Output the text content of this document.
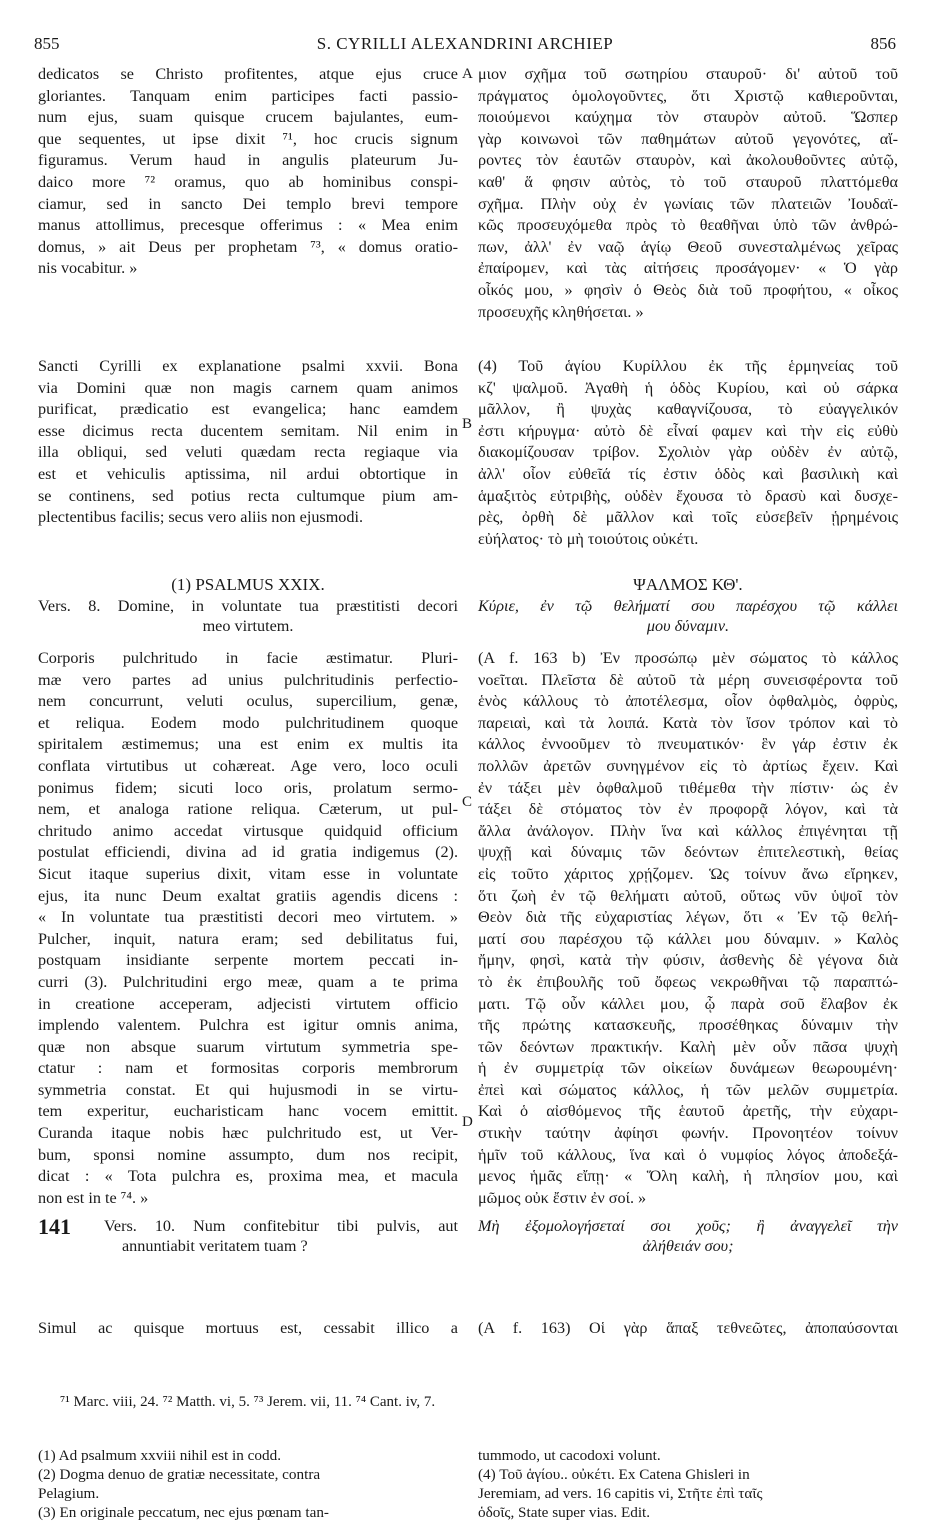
855	S. CYRILLI ALEXANDRINI ARCHIEP	856
A
B
C
D
dedicatos se Christo profitentes, atque ejus cruce
gloriantes. Tanquam enim participes facti passio-
num ejus, suam quisque crucem bajulantes, eum-
que sequentes, ut ipse dixit ⁷¹, hoc crucis signum
figuramus. Verum haud in angulis plateurum Ju-
daico more ⁷² oramus, quo ab hominibus conspi-
ciamur, sed in sancto Dei templo brevi tempore
manus attollimus, precesque offerimus : « Mea enim
domus, » ait Deus per prophetam ⁷³, « domus oratio-
nis vocabitur. »
Sancti Cyrilli ex explanatione psalmi xxvii. Bona
via Domini quæ non magis carnem quam animos
purificat, prædicatio est evangelica; hanc eamdem
esse dicimus recta ducentem semitam. Nil enim in
illa obliqui, sed veluti quædam recta regiaque via
est et vehiculis aptissima, nil ardui obtortique in
se continens, sed potius recta cultumque pium am-
plectentibus facilis; secus vero aliis non ejusmodi.
(1) PSALMUS XXIX.
Vers. 8. Domine, in voluntate tua præstitisti decori
meo virtutem.
Corporis pulchritudo in facie æstimatur. Pluri-
mæ vero partes ad unius pulchritudinis perfectio-
nem concurrunt, veluti oculus, supercilium, genæ,
et reliqua. Eodem modo pulchritudinem quoque
spiritalem æstimemus; una est enim ex multis ita
conflata virtutibus ut cohæreat. Age vero, loco oculi
ponimus fidem; sicuti loco oris, prolatum sermo-
nem, et analoga ratione reliqua. Cæterum, ut pul-
chritudo animo accedat virtusque quidquid officium
postulat efficiendi, divina ad id gratia indigemus (2).
Sicut itaque superius dixit, vitam esse in voluntate
ejus, ita nunc Deum exaltat gratiis agendis dicens :
« In voluntate tua præstitisti decori meo virtutem. »
Pulcher, inquit, natura eram; sed debilitatus fui,
postquam insidiante serpente mortem peccati in-
curri (3). Pulchritudini ergo meæ, quam a te prima
in creatione acceperam, adjecisti virtutem officio
implendo valentem. Pulchra est igitur omnis anima,
quæ non absque suarum virtutum symmetria spe-
ctatur : nam et formositas corporis membrorum
symmetria constat. Et qui hujusmodi in se virtu-
tem experitur, eucharisticam hanc vocem emittit.
Curanda itaque nobis hæc pulchritudo est, ut Ver-
bum, sponsi nomine assumpto, dum nos recipit,
dicat : « Tota pulchra es, proxima mea, et macula
non est in te ⁷⁴. »
141 Vers. 10. Num confitebitur tibi pulvis, aut
annuntiabit veritatem tuam ?
Simul ac quisque mortuus est, cessabit illico a
μιον σχῆμα τοῦ σωτηρίου σταυροῦ· δι' αὐτοῦ τοῦ
πράγματος ὁμολογοῦντες, ὅτι Χριστῷ καθιεροῦνται,
ποιούμενοι καύχημα τὸν σταυρὸν αὐτοῦ. Ὥσπερ
γὰρ κοινωνοὶ τῶν παθημάτων αὐτοῦ γεγονότες, αἴ-
ροντες τὸν ἑαυτῶν σταυρὸν, καὶ ἀκολουθοῦντες αὐτῷ,
καθ' ἅ φησιν αὐτὸς, τὸ τοῦ σταυροῦ πλαττόμεθα
σχῆμα. Πλὴν οὐχ ἐν γωνίαις τῶν πλατειῶν Ἰουδαϊ-
κῶς προσευχόμεθα πρὸς τὸ θεαθῆναι ὑπὸ τῶν ἀνθρώ-
πων, ἀλλ' ἐν ναῷ ἁγίῳ Θεοῦ συνεσταλμένως χεῖρας
ἐπαίρομεν, καὶ τὰς αἰτήσεις προσάγομεν· « Ὁ γὰρ
οἶκός μου, » φησὶν ὁ Θεὸς διὰ τοῦ προφήτου, « οἶκος
προσευχῆς κληθήσεται. »
(4) Τοῦ ἁγίου Κυρίλλου ἐκ τῆς ἑρμηνείας τοῦ
κζ' ψαλμοῦ. Ἀγαθὴ ἡ ὁδὸς Κυρίου, καὶ οὐ σάρκα
μᾶλλον, ἢ ψυχὰς καθαγνίζουσα, τὸ εὐαγγελικόν
ἐστι κήρυγμα· αὐτὸ δὲ εἶναί φαμεν καὶ τὴν εἰς εὐθὺ
διακομίζουσαν τρίβον. Σχολιὸν γὰρ οὐδὲν ἐν αὐτῷ,
ἀλλ' οἷον εὐθεῖά τίς ἐστιν ὁδὸς καὶ βασιλικὴ καὶ
ἁμαξιτὸς εὐτριβὴς, οὐδὲν ἔχουσα τὸ δρασὺ καὶ δυσχε-
ρὲς, ὀρθὴ δὲ μᾶλλον καὶ τοῖς εὐσεβεῖν ᾑρημένοις
εὐήλατος· τὸ μὴ τοιούτοις οὐκέτι.
ΨΑΛΜΟΣ ΚΘ'.
Κύριε, ἐν τῷ θελήματί σου παρέσχου τῷ κάλλει
μου δύναμιν.
(A f. 163 b) Ἐν προσώπῳ μὲν σώματος τὸ κάλλος
νοεῖται. Πλεῖστα δὲ αὐτοῦ τὰ μέρη συνεισφέροντα τοῦ
ἑνὸς κάλλους τὸ ἀποτέλεσμα, οἷον ὀφθαλμὸς, ὀφρὺς,
παρειαὶ, καὶ τὰ λοιπά. Κατὰ τὸν ἴσον τρόπον καὶ τὸ
κάλλος ἐννοοῦμεν τὸ πνευματικόν· ἓν γάρ ἐστιν ἐκ
πολλῶν ἀρετῶν συνηγμένον εἰς τὸ ἀρτίως ἔχειν. Καὶ
ἐν τάξει μὲν ὀφθαλμοῦ τιθέμεθα τὴν πίστιν· ὡς ἐν
τάξει δὲ στόματος τὸν ἐν προφορᾷ λόγον, καὶ τὰ
ἄλλα ἀνάλογον. Πλὴν ἵνα καὶ κάλλος ἐπιγένηται τῇ
ψυχῇ καὶ δύναμις τῶν δεόντων ἐπιτελεστικὴ, θείας
εἰς τοῦτο χάριτος χρῄζομεν. Ὡς τοίνυν ἄνω εἴρηκεν,
ὅτι ζωὴ ἐν τῷ θελήματι αὐτοῦ, οὕτως νῦν ὑψοῖ τὸν
Θεὸν διὰ τῆς εὐχαριστίας λέγων, ὅτι « Ἐν τῷ θελή-
ματί σου παρέσχου τῷ κάλλει μου δύναμιν. » Καλὸς
ἤμην, φησὶ, κατὰ τὴν φύσιν, ἀσθενὴς δὲ γέγονα διὰ
τὸ ἐκ ἐπιβουλῆς τοῦ ὄφεως νεκρωθῆναι τῷ παραπτώ-
ματι. Τῷ οὖν κάλλει μου, ᾧ παρὰ σοῦ ἔλαβον ἐκ
τῆς πρώτης κατασκευῆς, προσέθηκας δύναμιν τὴν
τῶν δεόντων πρακτικήν. Καλὴ μὲν οὖν πᾶσα ψυχὴ
ἡ ἐν συμμετρίᾳ τῶν οἰκείων δυνάμεων θεωρουμένη·
ἐπεὶ καὶ σώματος κάλλος, ἡ τῶν μελῶν συμμετρία.
Καὶ ὁ αἰσθόμενος τῆς ἑαυτοῦ ἀρετῆς, τὴν εὐχαρι-
στικὴν ταύτην ἀφίησι φωνήν. Προνοητέον τοίνυν
ἡμῖν τοῦ κάλλους, ἵνα καὶ ὁ νυμφίος λόγος ἀποδεξά-
μενος ἡμᾶς εἴπῃ· « Ὅλη καλὴ, ἡ πλησίον μου, καὶ
μῶμος οὐκ ἔστιν ἐν σοί. »
Μὴ ἐξομολογήσεταί σοι χοῦς; ἢ ἀναγγελεῖ τὴν
ἀλήθειάν σου;
(A f. 163) Οἱ γὰρ ἅπαξ τεθνεῶτες, ἀποπαύσονται
⁷¹ Marc. viii, 24. ⁷² Matth. vi, 5. ⁷³ Jerem. vii, 11. ⁷⁴ Cant. iv, 7.
(1) Ad psalmum xxviii nihil est in codd.
(2) Dogma denuo de gratiæ necessitate, contra
Pelagium.
(3) En originale peccatum, nec ejus pœnam tan-
tummodo, ut cacodoxi volunt.
(4) Τοῦ ἁγίου.. οὐκέτι. Ex Catena Ghisleri in
Jeremiam, ad vers. 16 capitis vi, Στῆτε ἐπὶ ταῖς
ὁδοῖς, State super vias. Edit.
